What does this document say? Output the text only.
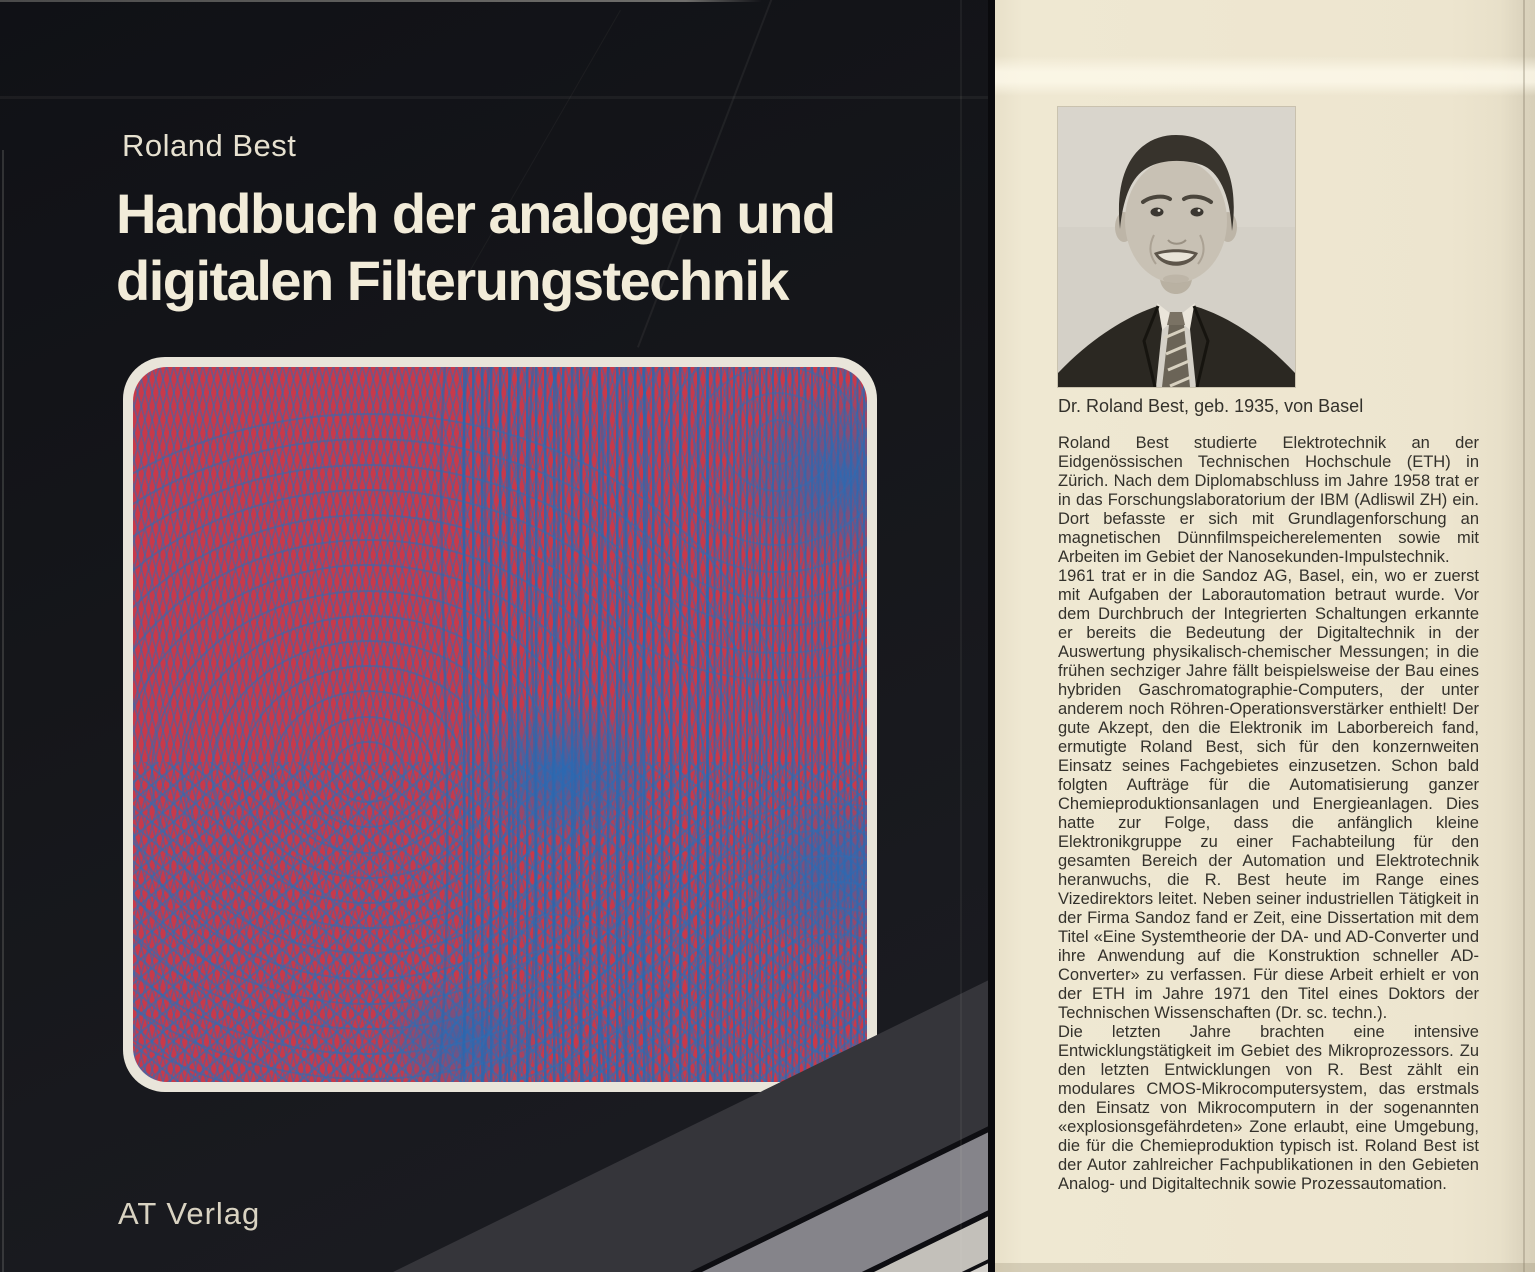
Roland Best
Handbuch der analogen und
digitalen Filterungstechnik
AT Verlag
Dr. Roland Best, geb. 1935, von Basel

Roland Best studierte Elektrotechnik an der Eidgenössischen Technischen Hochschule (ETH) in Zürich. Nach dem Diplomabschluss im Jahre 1958 trat er in das Forschungslaboratorium der IBM (Adliswil ZH) ein. Dort befasste er sich mit Grundlagenforschung an magnetischen Dünnfilmspeicherelementen sowie mit Arbeiten im Gebiet der Nanosekunden-Impulstechnik.

1961 trat er in die Sandoz AG, Basel, ein, wo er zuerst mit Aufgaben der Laborautomation betraut wurde. Vor dem Durchbruch der Integrierten Schaltungen erkannte er bereits die Bedeutung der Digitaltechnik in der Auswertung physikalisch-chemischer Messungen; in die frühen sechziger Jahre fällt beispielsweise der Bau eines hybriden Gaschromatographie-Computers, der unter anderem noch Röhren-Operationsverstärker enthielt! Der gute Akzept, den die Elektronik im Laborbereich fand, ermutigte Roland Best, sich für den konzernweiten Einsatz seines Fachgebietes einzusetzen. Schon bald folgten Aufträge für die Automatisierung ganzer Chemieproduktionsanlagen und Energieanlagen. Dies hatte zur Folge, dass die anfänglich kleine Elektronikgruppe zu einer Fachabteilung für den gesamten Bereich der Automation und Elektrotechnik heranwuchs, die R. Best heute im Range eines Vizedirektors leitet. Neben seiner industriellen Tätigkeit in der Firma Sandoz fand er Zeit, eine Dissertation mit dem Titel «Eine Systemtheorie der DA- und AD-Converter und ihre Anwendung auf die Konstruktion schneller AD-Converter» zu verfassen. Für diese Arbeit erhielt er von der ETH im Jahre 1971 den Titel eines Doktors der Technischen Wissenschaften (Dr. sc. techn.).

Die letzten Jahre brachten eine intensive Entwicklungstätigkeit im Gebiet des Mikroprozessors. Zu den letzten Entwicklungen von R. Best zählt ein modulares CMOS-Mikrocomputersystem, das erstmals den Einsatz von Mikrocomputern in der sogenannten «explosionsgefährdeten» Zone erlaubt, eine Umgebung, die für die Chemieproduktion typisch ist. Roland Best ist der Autor zahlreicher Fachpublikationen in den Gebieten Analog- und Digitaltechnik sowie Prozessautomation.
